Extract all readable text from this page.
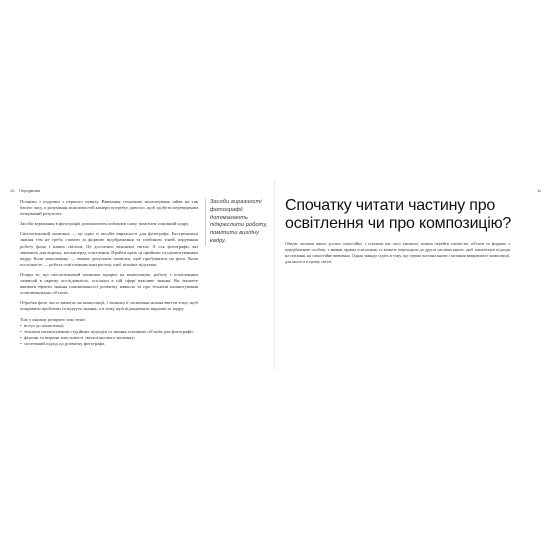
10 Передмова

Почнімо з подумки з першого пункту. Вивчення технічних налаштувань зайве на так багато часу, а розуміння можливостей камери потребує довгого, щоб здобути переведеним очікуваний результат.

Засоби керування в фотографії допомагають побачити саму, помітити основний кадру.

Світлотіньовий малюнок — це один із засобів виразності для фотографа. Екстремальні знання тем не треба ставати за формою відображення та глибиною тіней, керування роботу фона з інших світлом. Це достатньо важливої світла. А ось фотографи, які звикають для ворожу, насамперед освітлення. Пройти крізь ці прийоми та налаштуванням кадру. Коли наполовину — можна допускати помилок, щоб пробуватися на фото. Коли поспішаєте — робота освітленням контрастом, щоб пізніше підсумок.

Попри те, що світлотіньовий малюнок працює на композицію, роботу з освітленням зазвичай в окрему послідовність, оскільки в цій сфері важливе знання. Ви зможете вживати ефекти знання пояснюваності розвитку навколо та про технічні налаштування освітлювальних об'єктів.

Обробка фото часто вимагає на композиції, і тонкощі її засвоєння можна ввести тому, щоб поправити проблеми та відчути знання, а в тому щоб відокремити виразність кадру.

Тож у книжці розкрито такі теми:

• вступ до композиції;
• технічні налаштування студійних підходів та знання основних об'єктів для фотографії;
• фізичні та виразні властивості світлотіньового малюнку;
• системний підхід до розвитку фотографа.
Засоби виразності фотографії допомагають підкреслити роботу, помітити вихідну кадру.
11
Спочатку читати частину про освітлення чи про композицію?

Обидві частини книги досить самостійні, і оскільки вас чого умовило, можна перейти злегкістю, об'єкти та формою з передбаченою особою, з знання правил освітлення, то можете переходити до другої частини книги, щоб запам'ятати підходи на питання, на самостійне вивчення. Однак завжди судіть в тому, що перша частина книги і питання виправляєте композиції, для нього в в цьому світлі.
